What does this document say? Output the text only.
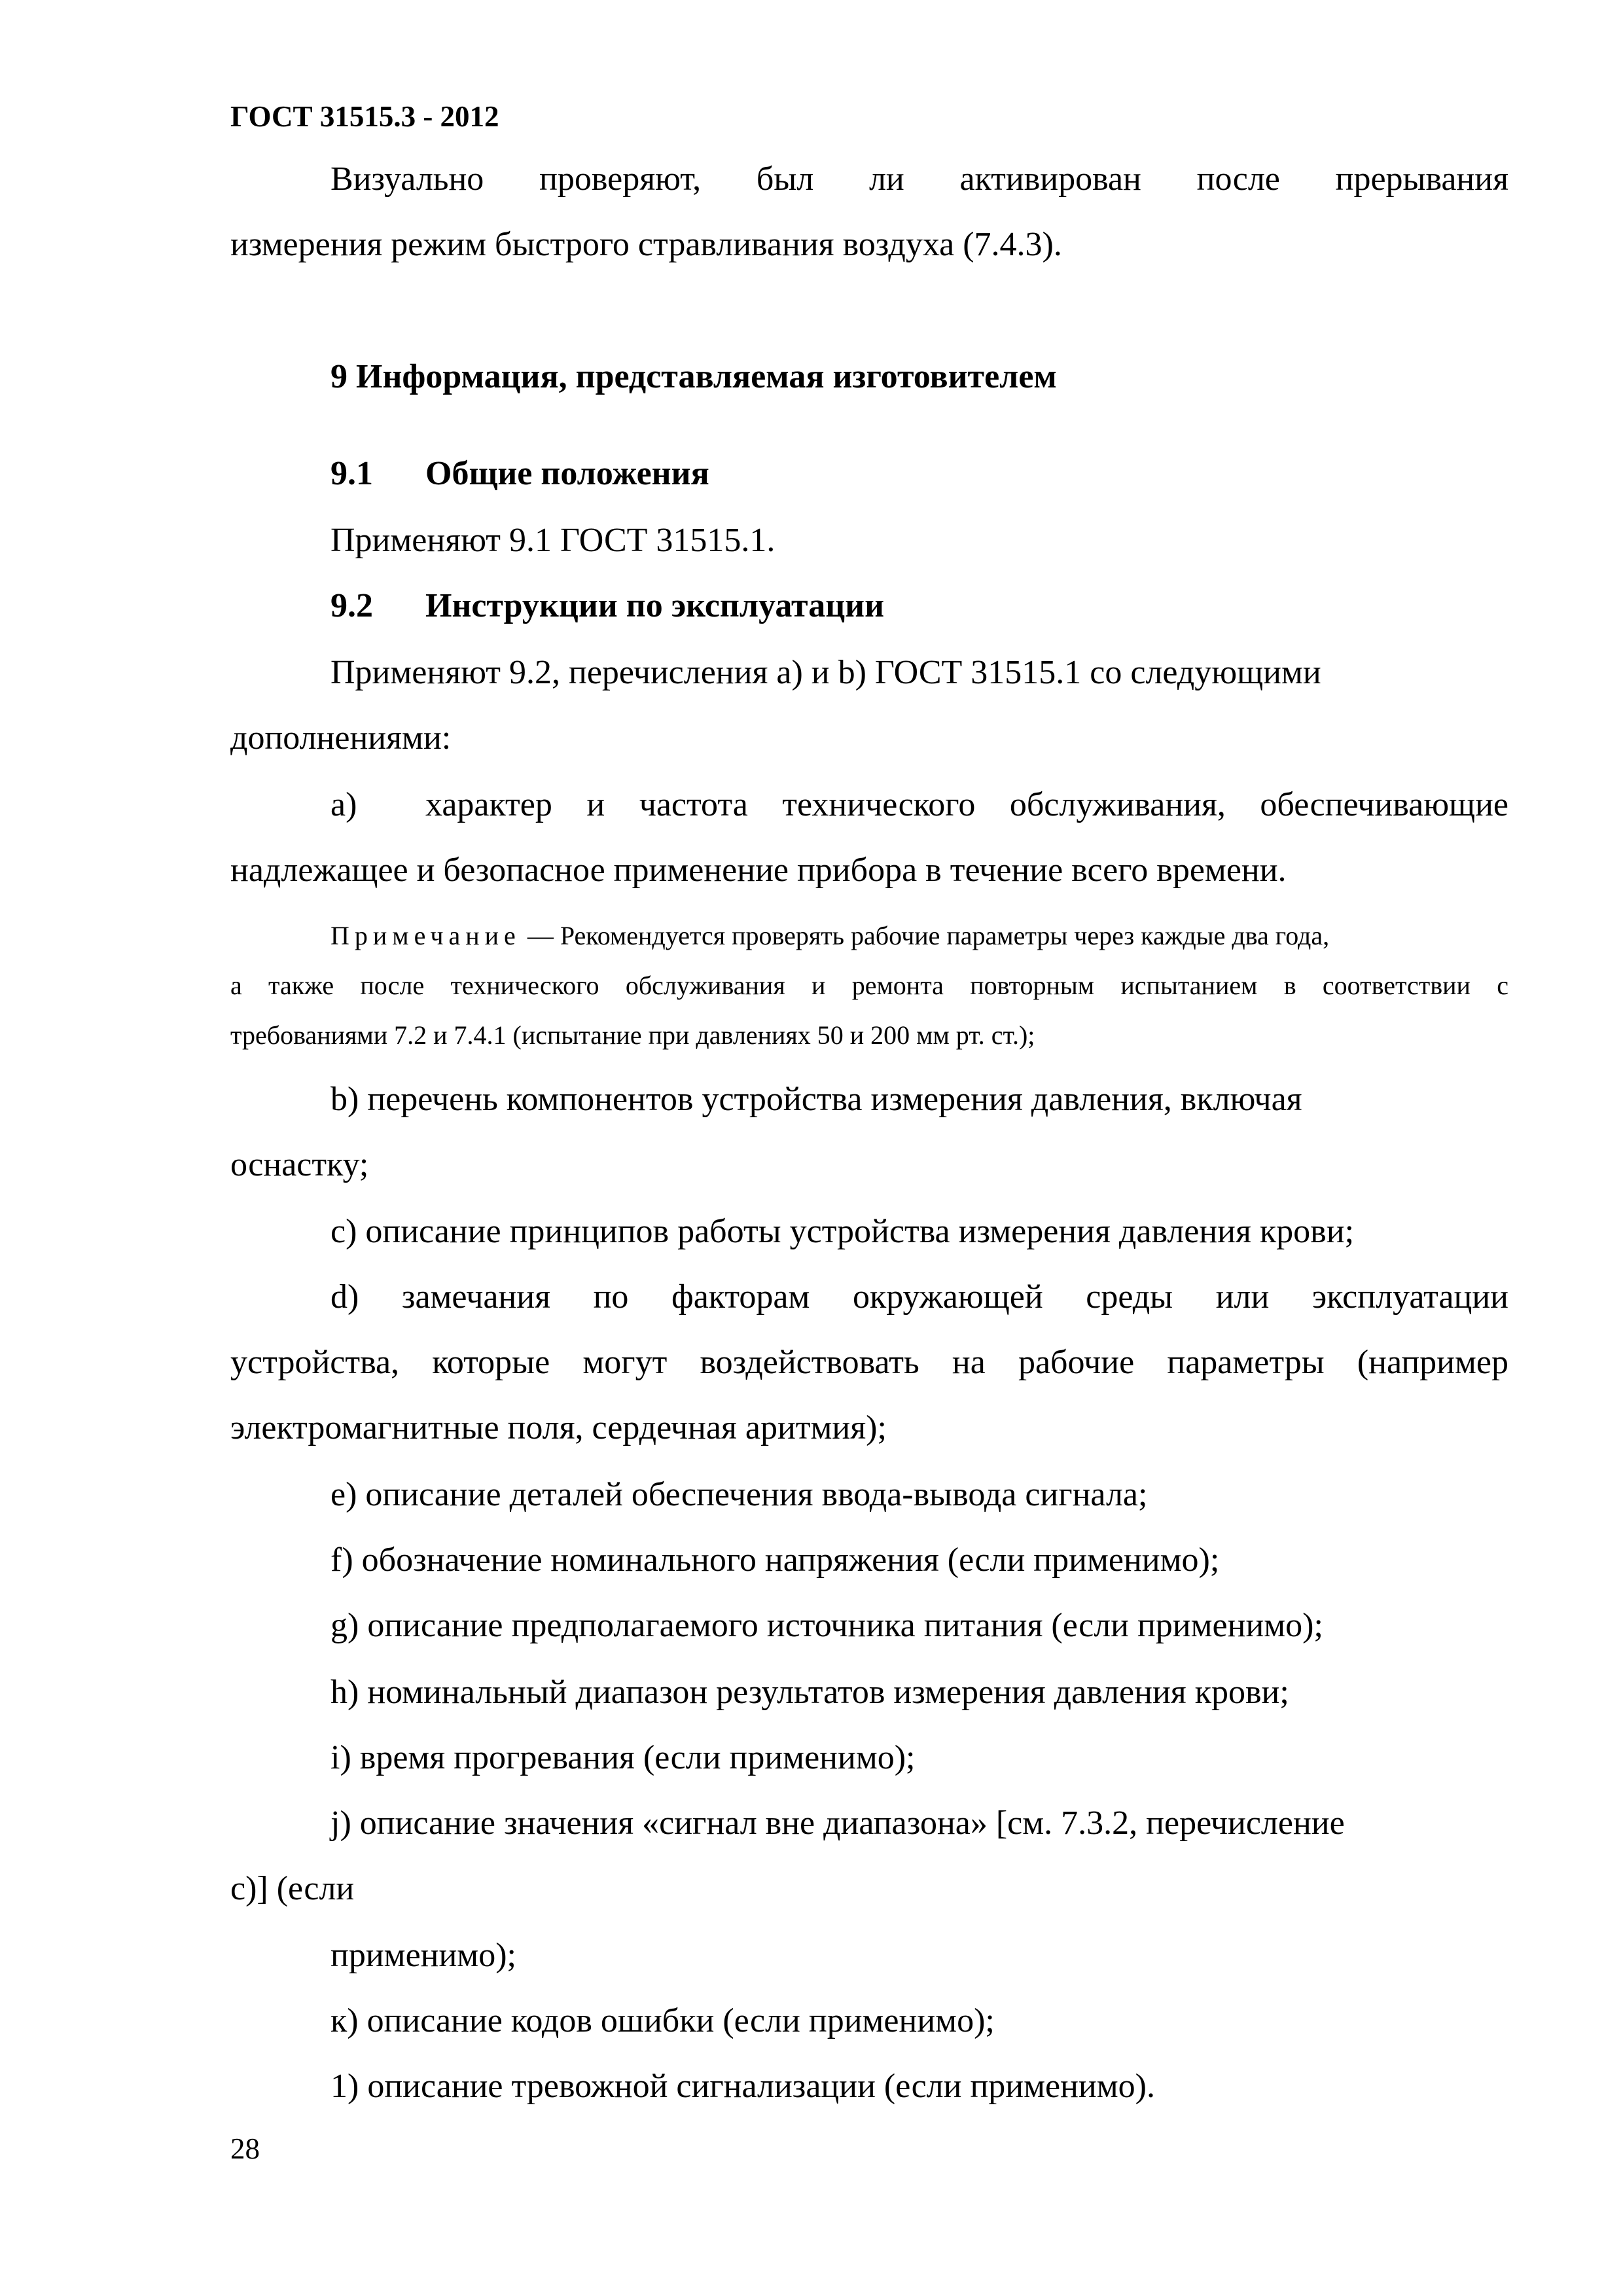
ГОСТ 31515.3 - 2012
Визуально проверяют, был ли активирован после прерывания
измерения режим быстрого стравливания воздуха (7.4.3).
9 Информация, представляемая изготовителем
9.1 Общие положения
Применяют 9.1 ГОСТ 31515.1.
9.2 Инструкции по эксплуатации
Применяют 9.2, перечисления a) и b) ГОСТ 31515.1 со следующими
дополнениями:
a) характер и частота технического обслуживания, обеспечивающие
надлежащее и безопасное применение прибора в течение всего времени.
Примечание — Рекомендуется проверять рабочие параметры через каждые два года,
а также после технического обслуживания и ремонта повторным испытанием в соответствии с
требованиями 7.2 и 7.4.1 (испытание при давлениях 50 и 200 мм рт. ст.);
b) перечень компонентов устройства измерения давления, включая
оснастку;
c) описание принципов работы устройства измерения давления крови;
d) замечания по факторам окружающей среды или эксплуатации
устройства, которые могут воздействовать на рабочие параметры (например
электромагнитные поля, сердечная аритмия);
e) описание деталей обеспечения ввода-вывода сигнала;
f) обозначение номинального напряжения (если применимо);
g) описание предполагаемого источника питания (если применимо);
h) номинальный диапазон результатов измерения давления крови;
i) время прогревания (если применимо);
j) описание значения «сигнал вне диапазона» [см. 7.3.2, перечисление
c)] (если
применимо);
к) описание кодов ошибки (если применимо);
1) описание тревожной сигнализации (если применимо).
28
